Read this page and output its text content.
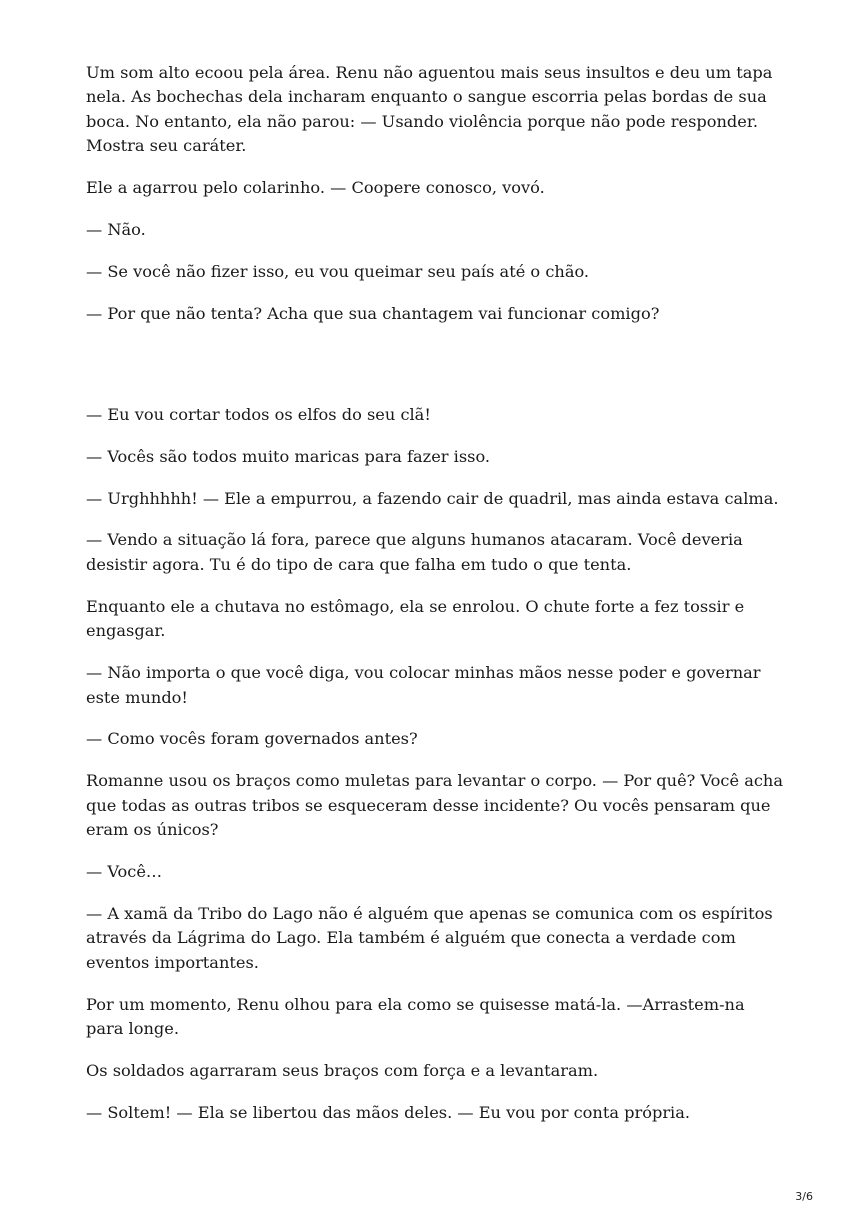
Um som alto ecoou pela área. Renu não aguentou mais seus insultos e deu um tapa nela. As bochechas dela incharam enquanto o sangue escorria pelas bordas de sua boca. No entanto, ela não parou: — Usando violência porque não pode responder. Mostra seu caráter.

Ele a agarrou pelo colarinho. — Coopere conosco, vovó.

— Não.

— Se você não fizer isso, eu vou queimar seu país até o chão.

— Por que não tenta? Acha que sua chantagem vai funcionar comigo?

— Eu vou cortar todos os elfos do seu clã!

— Vocês são todos muito maricas para fazer isso.

— Urghhhhh! — Ele a empurrou, a fazendo cair de quadril, mas ainda estava calma.

— Vendo a situação lá fora, parece que alguns humanos atacaram. Você deveria desistir agora. Tu é do tipo de cara que falha em tudo o que tenta.

Enquanto ele a chutava no estômago, ela se enrolou. O chute forte a fez tossir e engasgar.

— Não importa o que você diga, vou colocar minhas mãos nesse poder e governar este mundo!

— Como vocês foram governados antes?

Romanne usou os braços como muletas para levantar o corpo. — Por quê? Você acha que todas as outras tribos se esqueceram desse incidente? Ou vocês pensaram que eram os únicos?

— Você…

— A xamã da Tribo do Lago não é alguém que apenas se comunica com os espíritos através da Lágrima do Lago. Ela também é alguém que conecta a verdade com eventos importantes.

Por um momento, Renu olhou para ela como se quisesse matá-la. —Arrastem-na para longe.

Os soldados agarraram seus braços com força e a levantaram.

— Soltem! — Ela se libertou das mãos deles. — Eu vou por conta própria.

3/6
